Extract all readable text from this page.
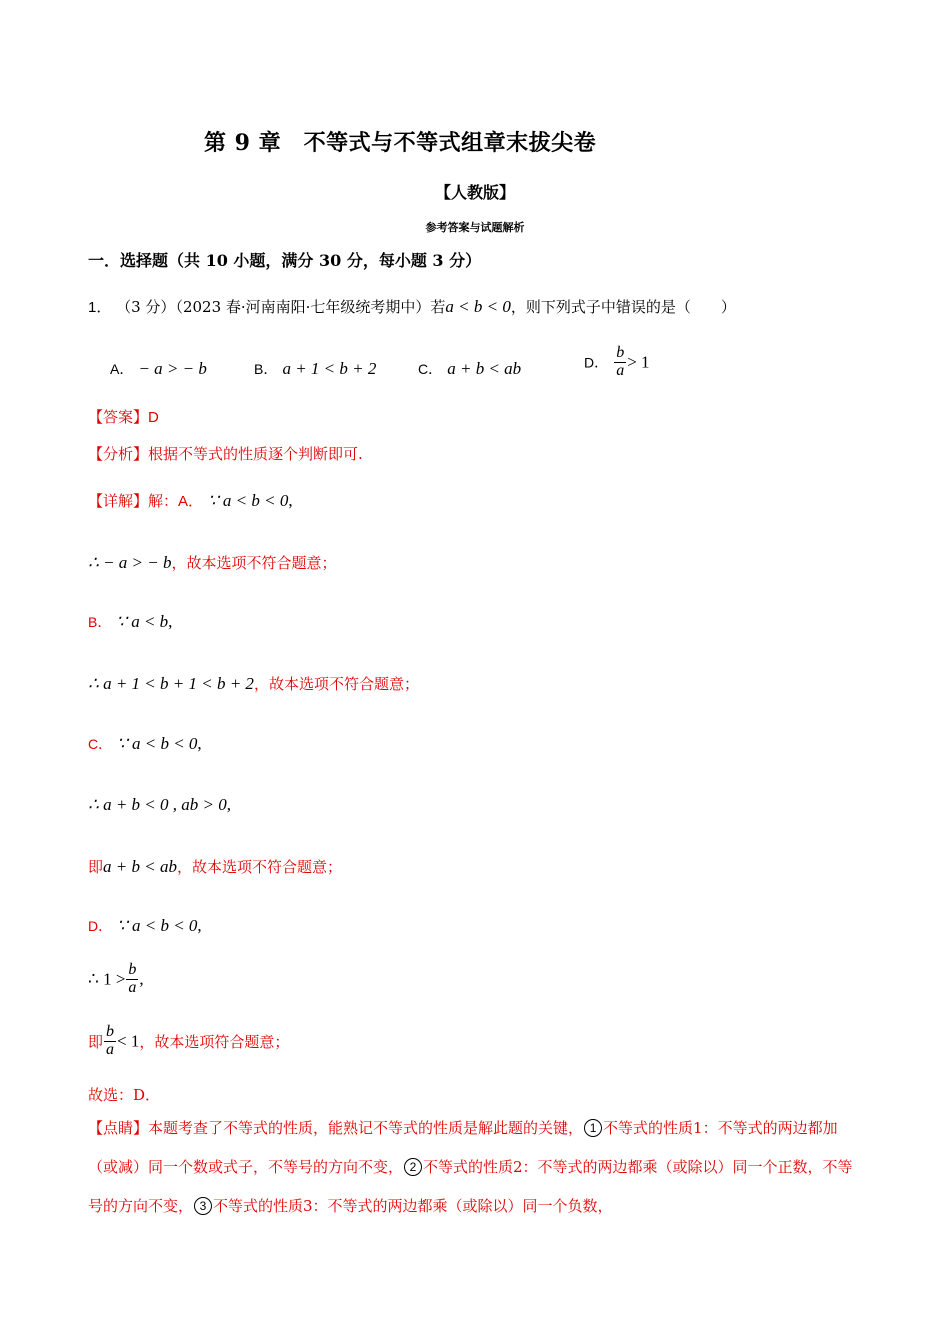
第 9 章　不等式与不等式组章末拔尖卷
【人教版】
参考答案与试题解析
一．选择题（共 10 小题，满分 30 分，每小题 3 分）
1． （3 分）（2023 春·河南南阳·七年级统考期中）若a < b < 0，则下列式子中错误的是（　　）
A． − a > − b	B． a + 1 < b + 2	C． a + b < ab	D． $\frac{b}{a} > 1$
【答案】D
【分析】根据不等式的性质逐个判断即可.
【详解】解：A． ∵ a < b < 0,
∴ − a > − b，故本选项不符合题意；
B． ∵ a < b,
∴ a + 1 < b + 1 < b + 2，故本选项不符合题意；
C． ∵ a < b < 0,
∴ a + b < 0 , ab > 0,
即a + b < ab，故本选项不符合题意；
D． ∵ a < b < 0,
∴ $1 > \frac{b}{a}$ ,
即 $\frac{b}{a} < 1$，故本选项符合题意；
故选：D．
【点睛】本题考查了不等式的性质，能熟记不等式的性质是解此题的关键， 1 不等式的性质1：不等式的两边都加（或减）同一个数或式子，不等号的方向不变， 2 不等式的性质2：不等式的两边都乘（或除以）同一个正数，不等号的方向不变， 3 不等式的性质3：不等式的两边都乘（或除以）同一个负数，
